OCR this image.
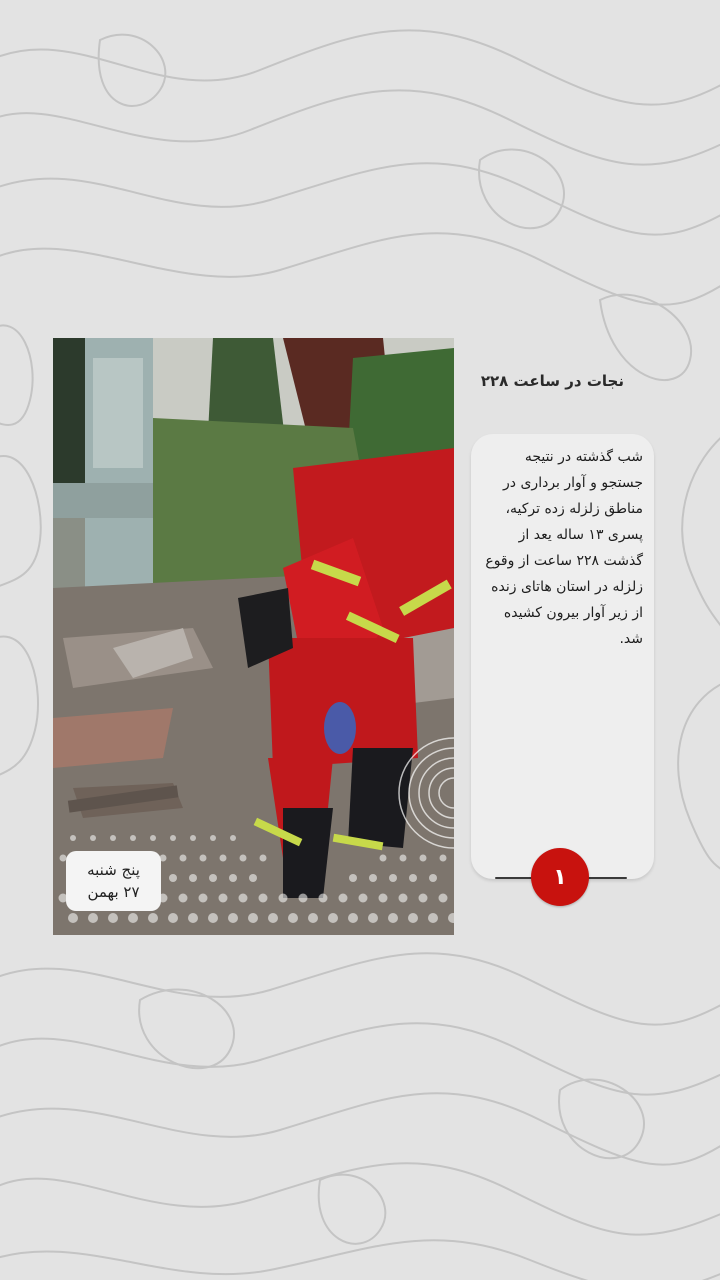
پنج شنبه
۲۷ بهمن
نجات در ساعت ۲۲۸
شب گذشته در نتیجه جستجو و آوار برداری در مناطق زلزله زده ترکیه، پسری ۱۳ ساله یعد از گذشت ۲۲۸ ساعت از وقوع زلزله در استان هاتای زنده از زیر آوار بیرون کشیده شد.
۱
